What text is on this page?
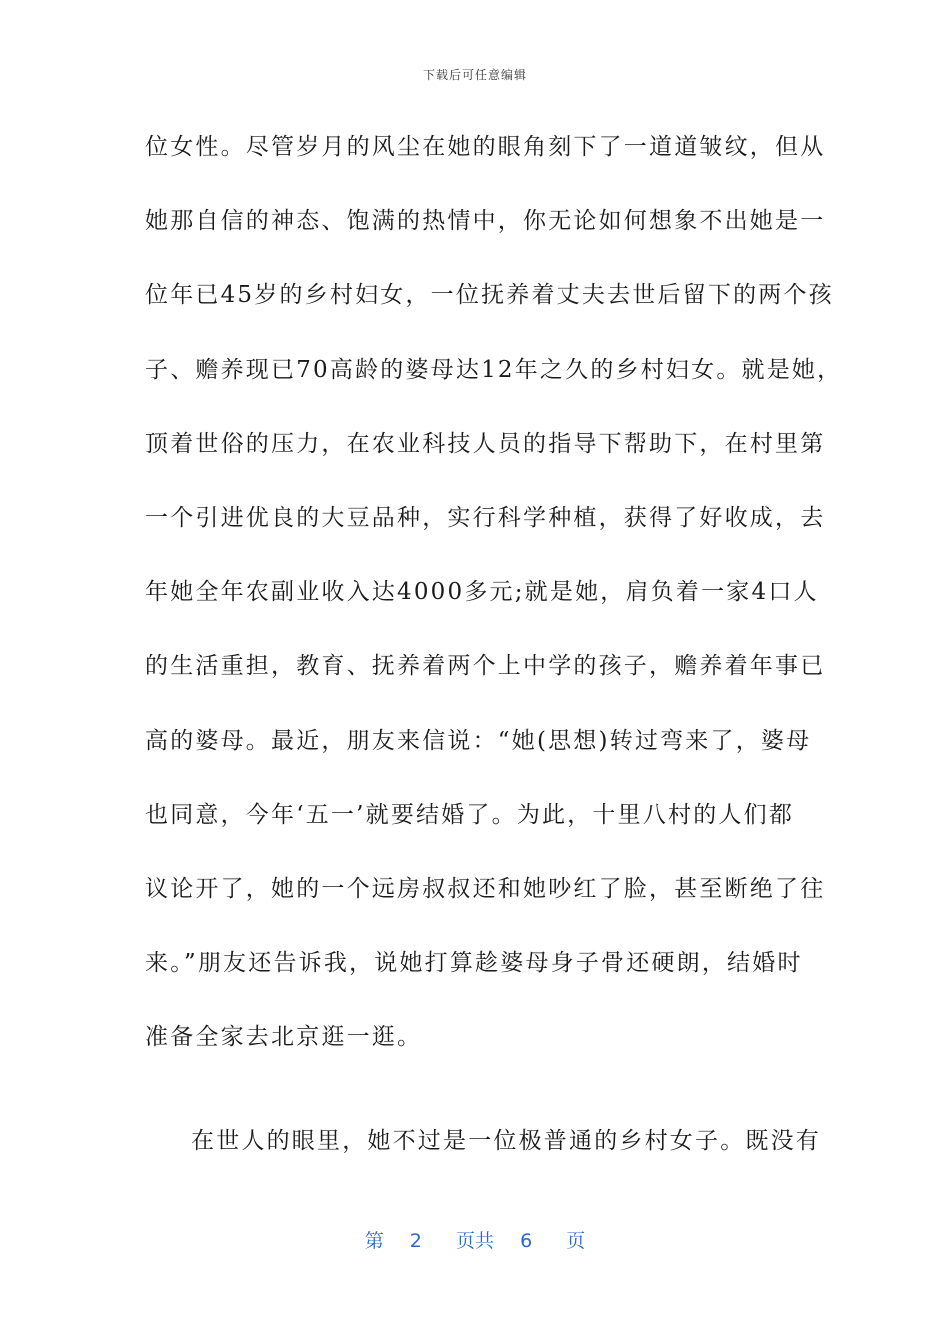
下载后可任意编辑
位女性。尽管岁月的风尘在她的眼角刻下了一道道皱纹，但从
她那自信的神态、饱满的热情中，你无论如何想象不出她是一
位年已45岁的乡村妇女，一位抚养着丈夫去世后留下的两个孩
子、赡养现已70高龄的婆母达12年之久的乡村妇女。就是她，
顶着世俗的压力，在农业科技人员的指导下帮助下，在村里第
一个引进优良的大豆品种，实行科学种植，获得了好收成，去
年她全年农副业收入达4000多元;就是她，肩负着一家4口人
的生活重担，教育、抚养着两个上中学的孩子，赡养着年事已
高的婆母。最近，朋友来信说：“她(思想)转过弯来了，婆母
也同意，今年‘五一’就要结婚了。为此，十里八村的人们都
议论开了，她的一个远房叔叔还和她吵红了脸，甚至断绝了往
来。”朋友还告诉我，说她打算趁婆母身子骨还硬朗，结婚时
准备全家去北京逛一逛。
在世人的眼里，她不过是一位极普通的乡村女子。既没有
第 2 页共 6 页
